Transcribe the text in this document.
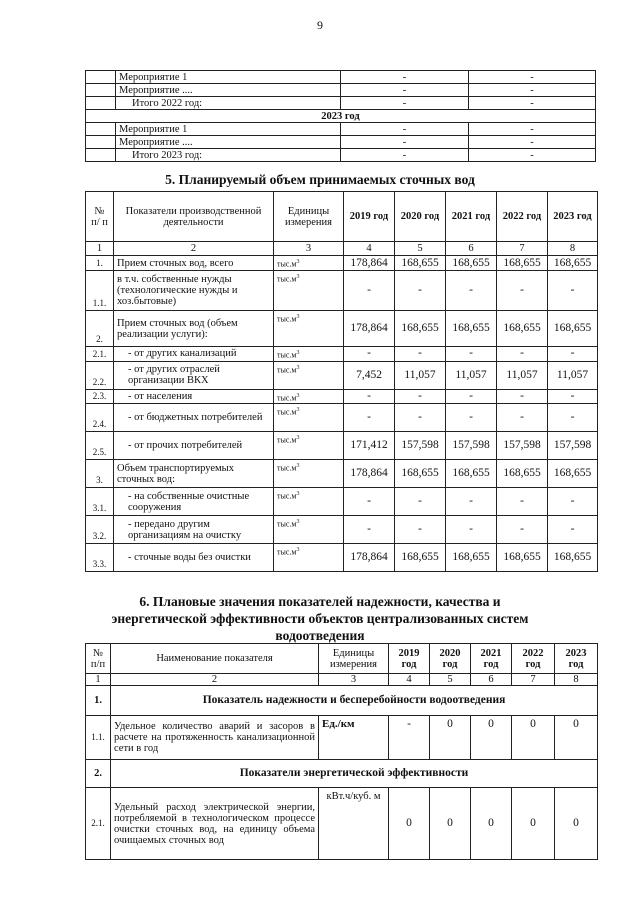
9
	Мероприятие 1	-	-
	Мероприятие ....	-	-
	Итого 2022 год:	-	-
2023 год			
	Мероприятие 1	-	-
	Мероприятие ....	-	-
	Итого 2023 год:	-	-
5. Планируемый объем принимаемых сточных вод
№ п/ п	Показатели производственной деятельности	Единицы измерения	2019 год	2020 год	2021 год	2022 год	2023 год
1	2	3	4	5	6	7	8
1.	Прием сточных вод, всего	$тыс.м^3$	178,864	168,655	168,655	168,655	168,655
1.1.	в т.ч. собственные нужды (технологические нужды и хоз.бытовые)	$тыс.м^3$	-	-	-	-	-
2.	Прием сточных вод (объем реализации услуги):	$тыс.м^3$	178,864	168,655	168,655	168,655	168,655
2.1.	- от других канализаций	$тыс.м^3$	-	-	-	-	-
2.2.	- от других отраслей организации ВКХ	$тыс.м^3$	7,452	11,057	11,057	11,057	11,057
2.3.	- от населения	$тыс.м^3$	-	-	-	-	-
2.4.	- от бюджетных потребителей	$тыс.м^3$	-	-	-	-	-
2.5.	- от прочих потребителей	$тыс.м^3$	171,412	157,598	157,598	157,598	157,598
3.	Объем транспортируемых сточных вод:	$тыс.м^3$	178,864	168,655	168,655	168,655	168,655
3.1.	- на собственные очистные сооружения	$тыс.м^3$	-	-	-	-	-
3.2.	- передано другим организациям на очистку	$тыс.м^3$	-	-	-	-	-
3.3.	- сточные воды без очистки	$тыс.м^3$	178,864	168,655	168,655	168,655	168,655
6. Плановые значения показателей надежности, качества и
энергетической эффективности объектов централизованных систем
водоотведения
№ п/п	Наименование показателя	Единицы измерения	2019 год	2020 год	2021 год	2022 год	2023 год
1	2	3	4	5	6	7	8
1.	Показатель надежности и бесперебойности водоотведения						
1.1.	Удельное количество аварий и засоров в расчете на протяженность канализационной сети в год	Ед./км	-	0	0	0	0
2.	Показатели энергетической эффективности						
2.1.	Удельный расход электрической энергии, потребляемой в технологическом процессе очистки сточных вод, на единицу объема очищаемых сточных вод	кВт.ч/куб. м	0	0	0	0	0
